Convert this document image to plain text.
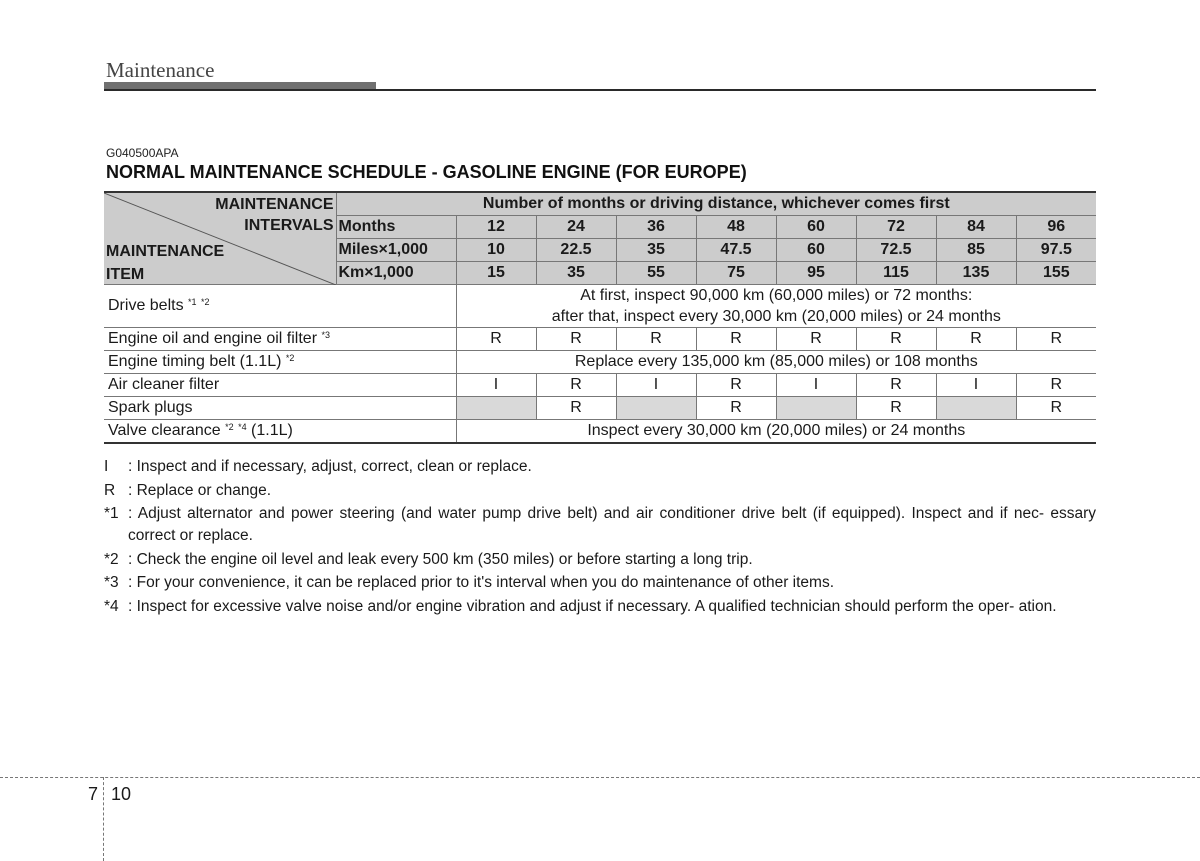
Maintenance
G040500APA
NORMAL MAINTENANCE SCHEDULE - GASOLINE ENGINE (FOR EUROPE)
MAINTENANCE
INTERVALS
MAINTENANCE
ITEM	Number of months or driving distance, whichever comes first								
	Months	12	24	36	48	60	72	84	96
	Miles×1,000	10	22.5	35	47.5	60	72.5	85	97.5
	Km×1,000	15	35	55	75	95	115	135	155
Drive belts $^{*1}$ $^{*2}$		At first, inspect 90,000 km (60,000 miles) or 72 months:
after that, inspect every 30,000 km (20,000 miles) or 24 months							

Engine oil and engine oil filter $^{*3}$		R	R	R	R	R	R	R	R
Engine timing belt (1.1L) $^{*2}$		Replace every 135,000 km (85,000 miles) or 108 months							
Air cleaner filter		I	R	I	R	I	R	I	R
Spark plugs			R		R		R		R
Valve clearance $^{*2}$ $^{*4}$ (1.1L)		Inspect every 30,000 km (20,000 miles) or 24 months							
I	: Inspect and if necessary, adjust, correct, clean or replace.
R : Replace or change.
*1 : Adjust alternator and power steering (and water pump drive belt) and air conditioner drive belt (if equipped). Inspect and if nec- essary correct or replace.
*2 : Check the engine oil level and leak every 500 km (350 miles) or before starting a long trip.
*3 : For your convenience, it can be replaced prior to it's interval when you do maintenance of other items.
*4 : Inspect for excessive valve noise and/or engine vibration and adjust if necessary. A qualified technician should perform the oper- ation.
7 10
